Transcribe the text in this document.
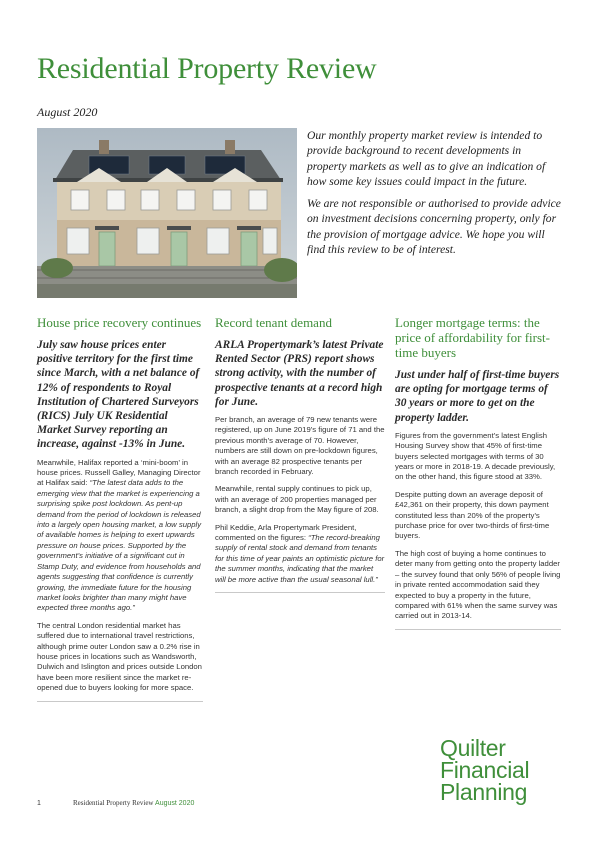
Residential Property Review
August 2020

Our monthly property market review is intended to provide background to recent developments in property markets as well as to give an indication of how some key issues could impact in the future.

We are not responsible or authorised to provide advice on investment decisions concerning property, only for the provision of mortgage advice. We hope you will find this review to be of interest.

House price recovery continues

July saw house prices enter positive territory for the first time since March, with a net balance of 12% of respondents to Royal Institution of Chartered Surveyors (RICS) July UK Residential Market Survey reporting an increase, against -13% in June.

Meanwhile, Halifax reported a ‘mini-boom’ in house prices. Russell Galley, Managing Director at Halifax said: “The latest data adds to the emerging view that the market is experiencing a surprising spike post lockdown. As pent-up demand from the period of lockdown is released into a largely open housing market, a low supply of available homes is helping to exert upwards pressure on house prices. Supported by the government’s initiative of a significant cut in Stamp Duty, and evidence from households and agents suggesting that confidence is currently growing, the immediate future for the housing market looks brighter than many might have expected three months ago.”

The central London residential market has suffered due to international travel restrictions, although prime outer London saw a 0.2% rise in house prices in locations such as Wandsworth, Dulwich and Islington and prices outside London have been more resilient since the market re-opened due to buyers looking for more space.

Record tenant demand

ARLA Propertymark’s latest Private Rented Sector (PRS) report shows strong activity, with the number of prospective tenants at a record high for June.

Per branch, an average of 79 new tenants were registered, up on June 2019’s figure of 71 and the previous month’s average of 70. However, numbers are still down on pre-lockdown figures, with an average 82 prospective tenants per branch recorded in February.

Meanwhile, rental supply continues to pick up, with an average of 200 properties managed per branch, a slight drop from the May figure of 208.

Phil Keddie, Arla Propertymark President, commented on the figures: “The record-breaking supply of rental stock and demand from tenants for this time of year paints an optimistic picture for the summer months, indicating that the market will be more active than the usual seasonal lull.”

Longer mortgage terms: the price of affordability for first-time buyers

Just under half of first-time buyers are opting for mortgage terms of 30 years or more to get on the property ladder.

Figures from the government’s latest English Housing Survey show that 45% of first-time buyers selected mortgages with terms of 30 years or more in 2018-19. A decade previously, on the other hand, this figure stood at 33%.

Despite putting down an average deposit of £42,361 on their property, this down payment constituted less than 20% of the property’s purchase price for over two-thirds of first-time buyers.

The high cost of buying a home continues to deter many from getting onto the property ladder – the survey found that only 56% of people living in private rented accommodation said they expected to buy a property in the future, compared with 61% when the same survey was carried out in 2013-14.

Quilter
Financial
Planning
1	Residential Property Review August 2020
